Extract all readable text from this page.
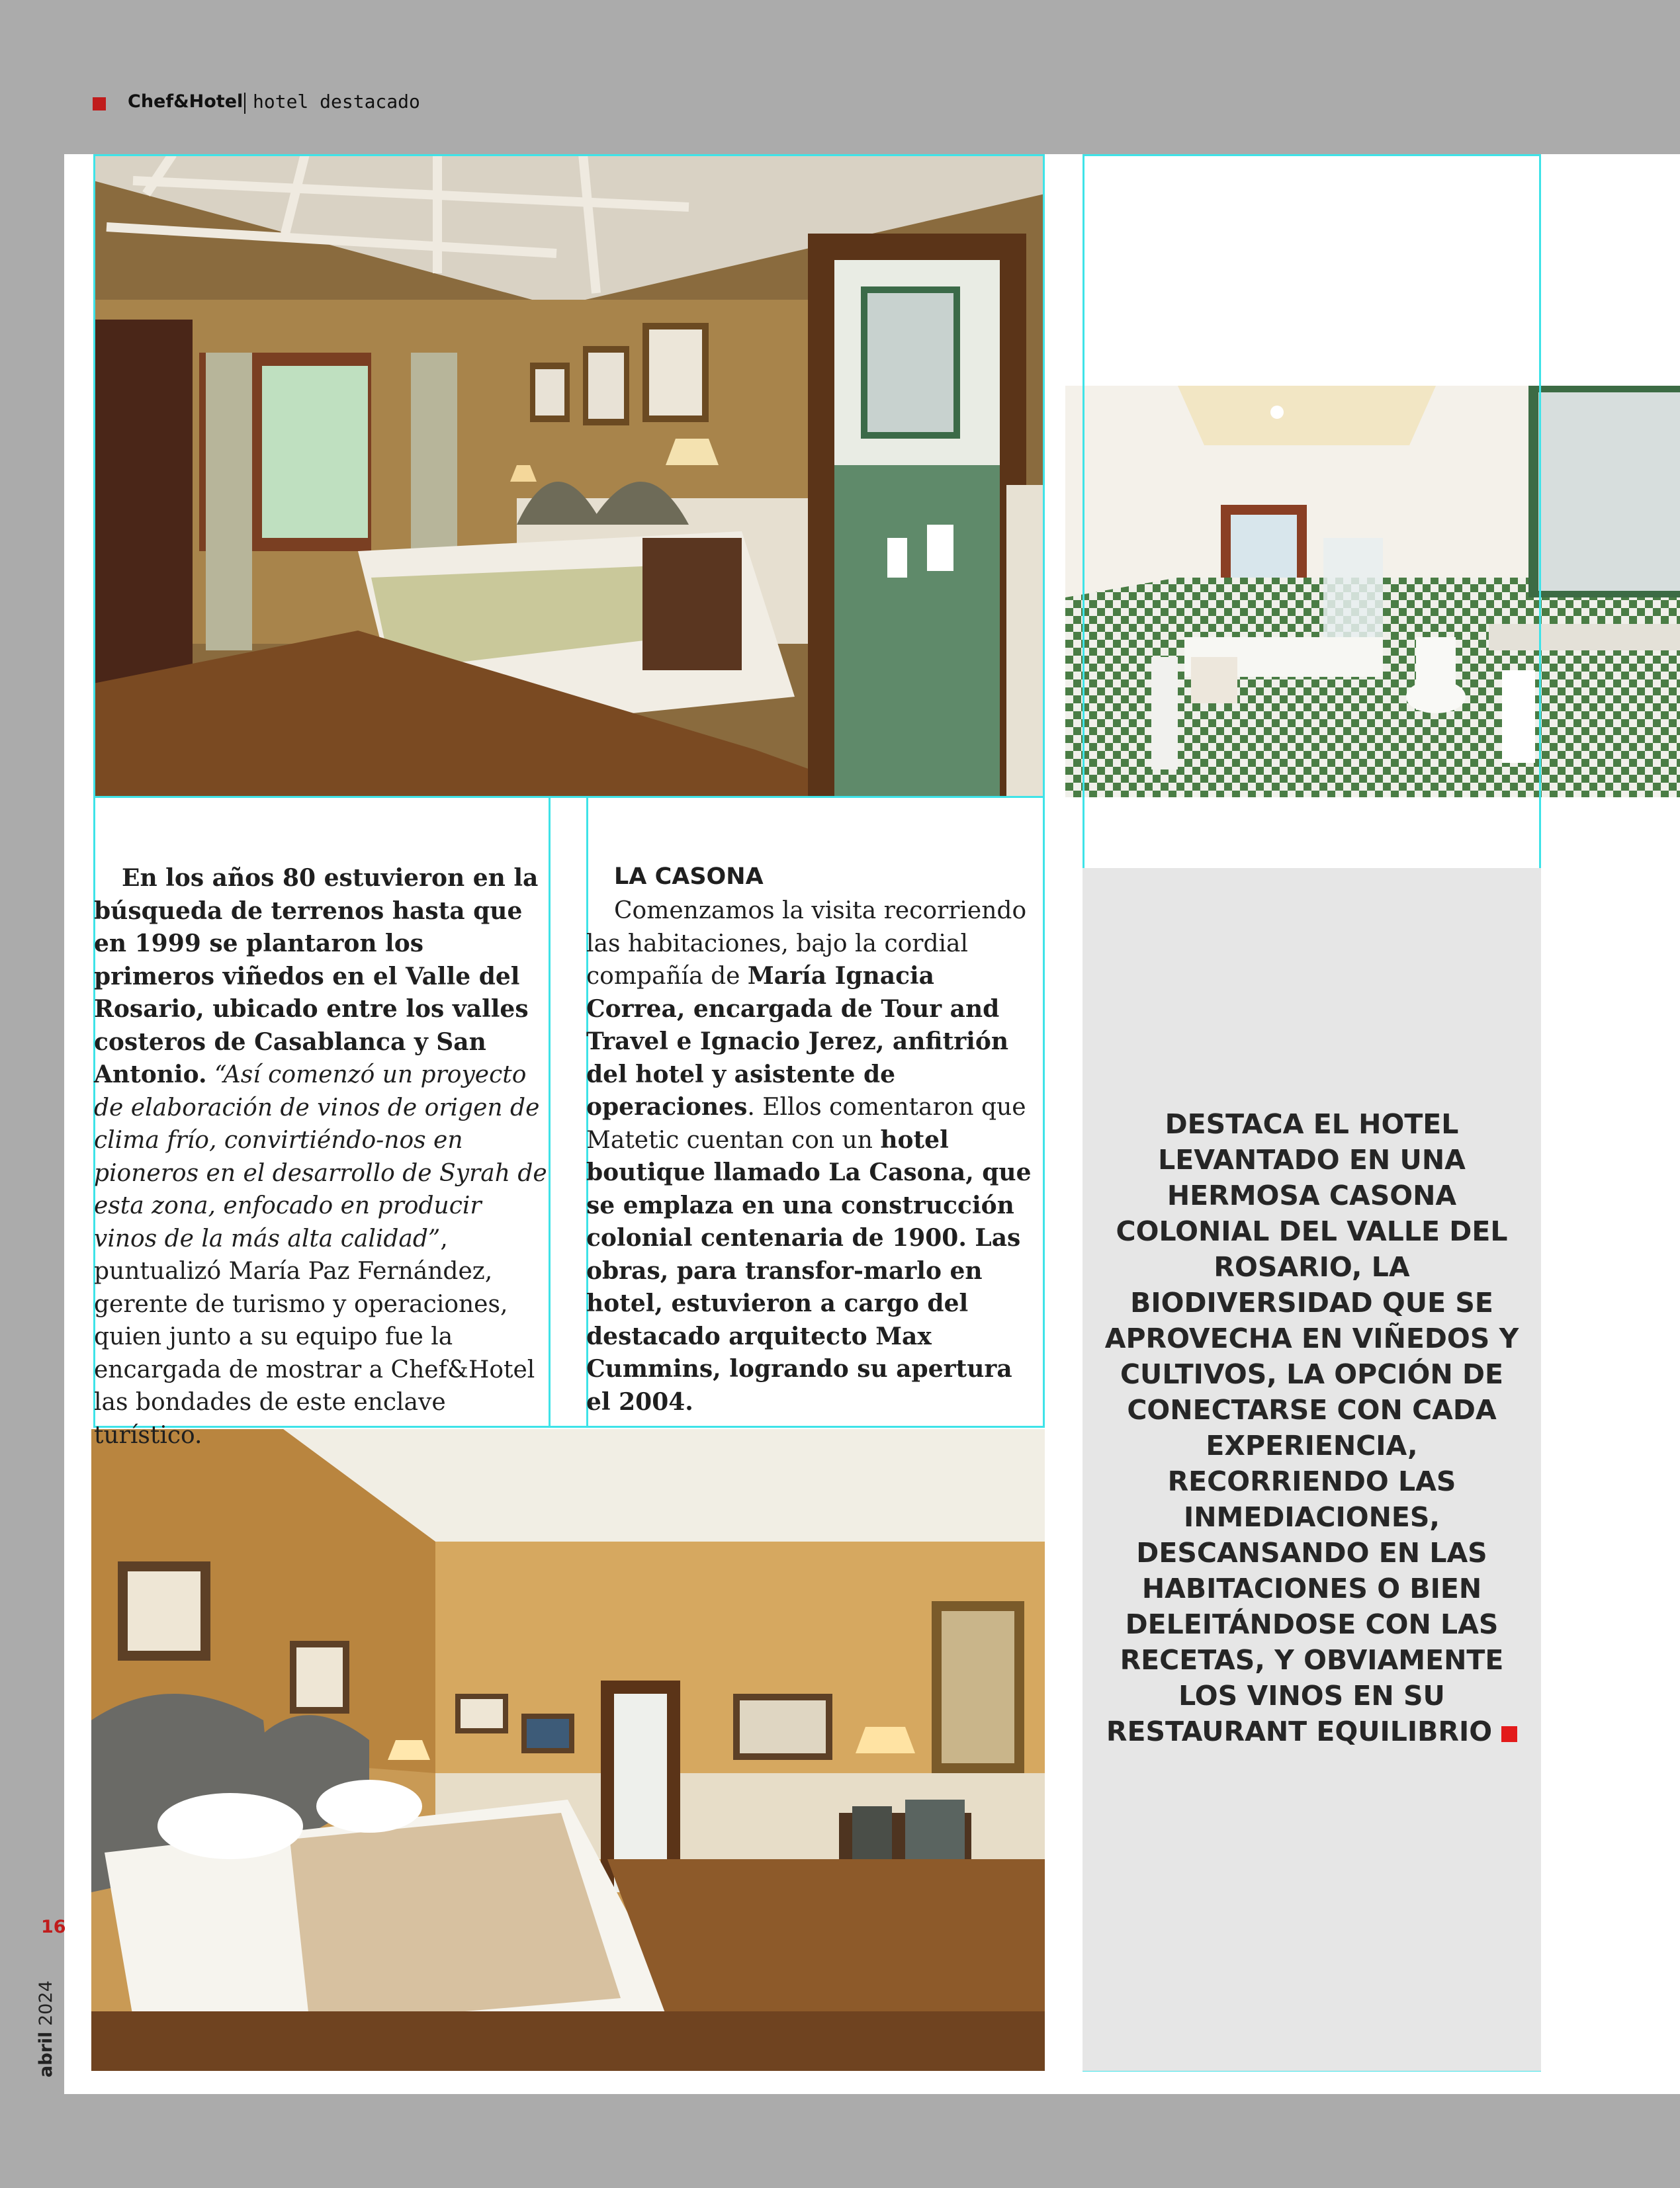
Chef&Hotel hotel destacado
En los años 80 estuvieron en la búsqueda de terrenos hasta que en 1999 se plantaron los primeros viñedos en el Valle del Rosario, ubicado entre los valles costeros de Casablanca y San Antonio. “Así comenzó un proyecto de elaboración de vinos de origen de clima frío, convirtiéndo-nos en pioneros en el desarrollo de Syrah de esta zona, enfocado en producir vinos de la más alta calidad”, puntualizó María Paz Fernández, gerente de turismo y operaciones, quien junto a su equipo fue la encargada de mostrar a Chef&Hotel las bondades de este enclave turístico.
LA CASONA
Comenzamos la visita recorriendo las habitaciones, bajo la cordial compañía de María Ignacia Correa, encargada de Tour and Travel e Ignacio Jerez, anfitrión del hotel y asistente de operaciones. Ellos comentaron que Matetic cuentan con un hotel boutique llamado La Casona, que se emplaza en una construcción colonial centenaria de 1900. Las obras, para transfor-marlo en hotel, estuvieron a cargo del destacado arquitecto Max Cummins, logrando su apertura el 2004.
DESTACA EL HOTEL LEVANTADO EN UNA HERMOSA CASONA COLONIAL DEL VALLE DEL ROSARIO, LA BIODIVERSIDAD QUE SE APROVECHA EN VIÑEDOS Y CULTIVOS, LA OPCIÓN DE CONECTARSE CON CADA EXPERIENCIA, RECORRIENDO LAS INMEDIACIONES, DESCANSANDO EN LAS HABITACIONES O BIEN DELEITÁNDOSE CON LAS RECETAS, Y OBVIAMENTE LOS VINOS EN SU RESTAURANT EQUILIBRIO
16
abril 2024
